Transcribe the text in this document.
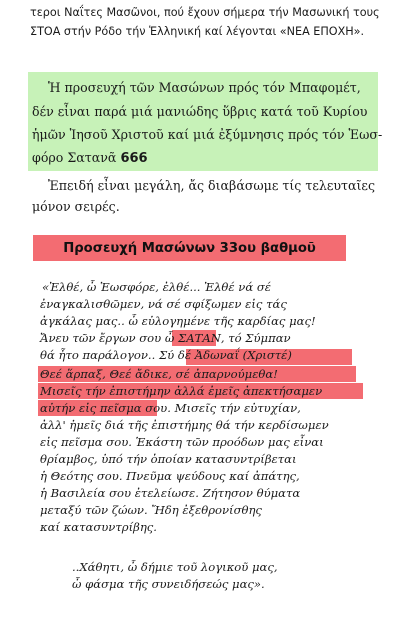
τεροι Ναΐτες Μασῶνοι, πού ἔχουν σήμερα τήν Μασωνική τους
ΣΤΟΑ στήν Ρόδο τήν Ἑλληνική καί λέγονται «ΝΕΑ ΕΠΟΧΗ».
Ἡ προσευχή τῶν Μασώνων πρός τόν Μπαφομέτ,
δέν εἶναι παρά μιά μανιώδης ὕβρις κατά τοῦ Κυρίου
ἡμῶν Ἰησοῦ Χριστοῦ καί μιά ἐξύμνησις πρός τόν Ἑωσ-
φόρο Σατανᾶ 666
Ἐπειδή εἶναι μεγάλη, ἄς διαβάσωμε τίς τελευταῖες
μόνον σειρές.
Προσευχή Μασώνων 33ου βαθμοῦ
«Ἐλθέ, ὦ Ἑωσφόρε, ἐλθέ... Ἐλθέ νά σέ
ἐναγκαλισθῶμεν, νά σέ σφίξωμεν εἰς τάς
ἀγκάλας μας.. ὦ εὐλογημένε τῆς καρδίας μας!
Ἄνευ τῶν ἔργων σου ὦ ΣΑΤΑΝ, τό Σύμπαν
θά ἦτο παράλογον.. Σύ δέ Ἀδωναΐ (Χριστέ)
Θεέ ἅρπαξ, Θεέ ἄδικε, σέ ἀπαρνούμεθα!
Μισεῖς τήν ἐπιστήμην ἀλλά ἐμεῖς ἀπεκτήσαμεν
αὐτήν εἰς πεῖσμα σου. Μισεῖς τήν εὐτυχίαν,
ἀλλ' ἡμεῖς διά τῆς ἐπιστήμης θά τήν κερδίσωμεν
εἰς πεῖσμα σου. Ἑκάστη τῶν προόδων μας εἶναι
θρίαμβος, ὑπό τήν ὁποίαν κατασυντρίβεται
ἡ Θεότης σου. Πνεῦμα ψεύδους καί ἀπάτης,
ἡ Βασιλεία σου ἐτελείωσε. Ζήτησον θύματα
μεταξύ τῶν ζώων. Ἤδη ἐξεθρονίσθης
καί κατασυντρίβης.
..Χάθητι, ὦ δήμιε τοῦ λογικοῦ μας,
ὦ φάσμα τῆς συνειδήσεώς μας».
